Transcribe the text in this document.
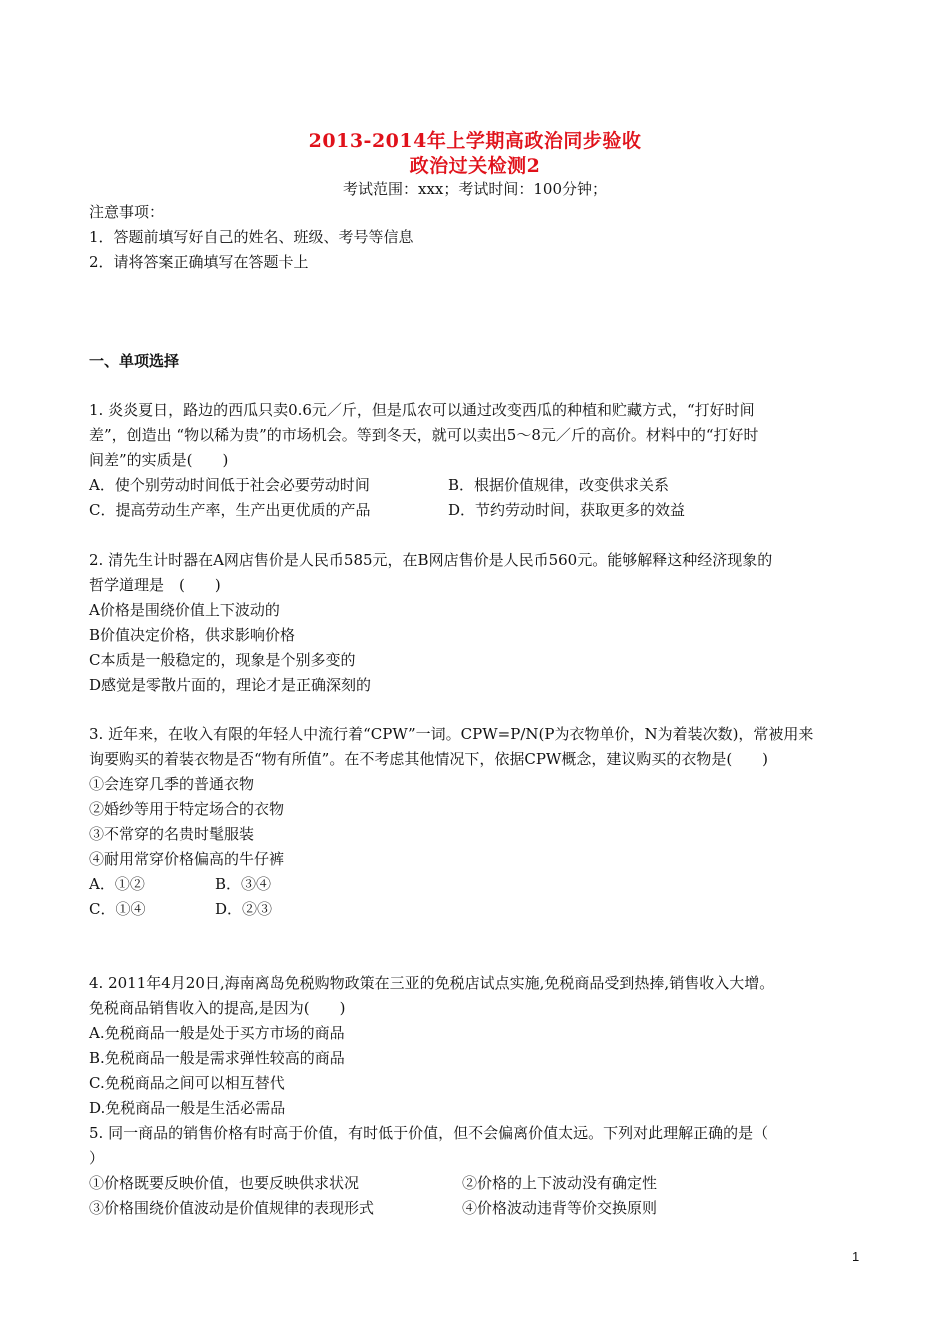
2013-2014年上学期高政治同步验收
政治过关检测2
考试范围：xxx；考试时间：100分钟；
注意事项：
1．答题前填写好自己的姓名、班级、考号等信息
2．请将答案正确填写在答题卡上
一、单项选择
1. 炎炎夏日，路边的西瓜只卖0.6元／斤，但是瓜农可以通过改变西瓜的种植和贮藏方式，“打好时间
差”，创造出 “物以稀为贵”的市场机会。等到冬天，就可以卖出5～8元／斤的高价。材料中的“打好时
间差”的实质是(　　)
A．使个别劳动时间低于社会必要劳动时间	B．根据价值规律，改变供求关系
C．提高劳动生产率，生产出更优质的产品	D．节约劳动时间，获取更多的效益
2. 清先生计时器在A网店售价是人民币585元，在B网店售价是人民币560元。能够解释这种经济现象的
哲学道理是　(　　)
A价格是围绕价值上下波动的
B价值决定价格，供求影响价格
C本质是一般稳定的，现象是个别多变的
D感觉是零散片面的，理论才是正确深刻的
3. 近年来，在收入有限的年轻人中流行着“CPW”一词。CPW=P/N(P为衣物单价，N为着装次数)，常被用来
询要购买的着装衣物是否“物有所值”。在不考虑其他情况下，依据CPW概念，建议购买的衣物是(　　)
①会连穿几季的普通衣物
②婚纱等用于特定场合的衣物
③不常穿的名贵时髦服装
④耐用常穿价格偏高的牛仔裤
A．①②	B．③④
C．①④	D．②③
4. 2011年4月20日,海南离岛免税购物政策在三亚的免税店试点实施,免税商品受到热捧,销售收入大增。
免税商品销售收入的提高,是因为(　　)
A.免税商品一般是处于买方市场的商品
B.免税商品一般是需求弹性较高的商品
C.免税商品之间可以相互替代
D.免税商品一般是生活必需品
5. 同一商品的销售价格有时高于价值，有时低于价值，但不会偏离价值太远。下列对此理解正确的是（
）
①价格既要反映价值，也要反映供求状况	②价格的上下波动没有确定性
③价格围绕价值波动是价值规律的表现形式	④价格波动违背等价交换原则
1
